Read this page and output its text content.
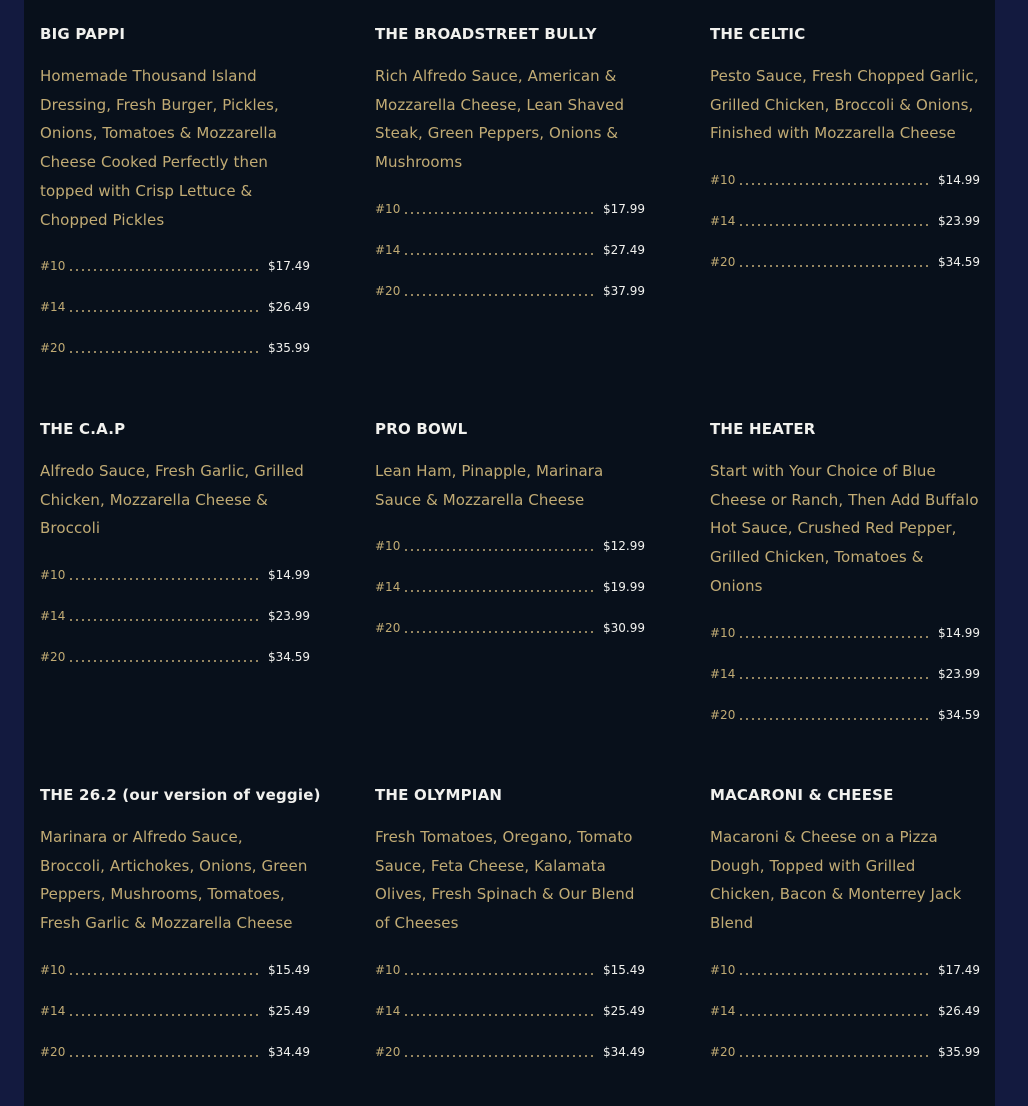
BIG PAPPI

Homemade Thousand Island Dressing, Fresh Burger, Pickles, Onions, Tomatoes & Mozzarella Cheese Cooked Perfectly then topped with Crisp Lettuce & Chopped Pickles

#10	$17.49
#14	$26.49
#20	$35.99
THE BROADSTREET BULLY

Rich Alfredo Sauce, American & Mozzarella Cheese, Lean Shaved Steak, Green Peppers, Onions & Mushrooms

#10	$17.99
#14	$27.49
#20	$37.99
THE CELTIC

Pesto Sauce, Fresh Chopped Garlic, Grilled Chicken, Broccoli & Onions, Finished with Mozzarella Cheese

#10	$14.99
#14	$23.99
#20	$34.59
THE C.A.P

Alfredo Sauce, Fresh Garlic, Grilled Chicken, Mozzarella Cheese & Broccoli

#10	$14.99
#14	$23.99
#20	$34.59
PRO BOWL

Lean Ham, Pinapple, Marinara Sauce & Mozzarella Cheese

#10	$12.99
#14	$19.99
#20	$30.99
THE HEATER

Start with Your Choice of Blue Cheese or Ranch, Then Add Buffalo Hot Sauce, Crushed Red Pepper, Grilled Chicken, Tomatoes & Onions

#10	$14.99
#14	$23.99
#20	$34.59
THE 26.2 (our version of veggie)

Marinara or Alfredo Sauce, Broccoli, Artichokes, Onions, Green Peppers, Mushrooms, Tomatoes, Fresh Garlic & Mozzarella Cheese

#10	$15.49
#14	$25.49
#20	$34.49
THE OLYMPIAN

Fresh Tomatoes, Oregano, Tomato Sauce, Feta Cheese, Kalamata Olives, Fresh Spinach & Our Blend of Cheeses

#10	$15.49
#14	$25.49
#20	$34.49
MACARONI & CHEESE

Macaroni & Cheese on a Pizza Dough, Topped with Grilled Chicken, Bacon & Monterrey Jack Blend

#10	$17.49
#14	$26.49
#20	$35.99
